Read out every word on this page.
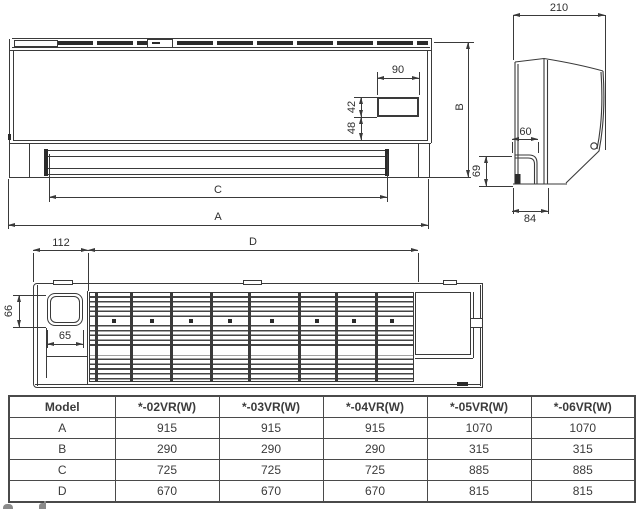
90
42
48
B
C
A
210
60
69
84
112	D
65
66
Model	*-02VR(W)	*-03VR(W)	*-04VR(W)	*-05VR(W)	*-06VR(W)
A	915	915	915	1070	1070
B	290	290	290	315	315
C	725	725	725	885	885
D	670	670	670	815	815
